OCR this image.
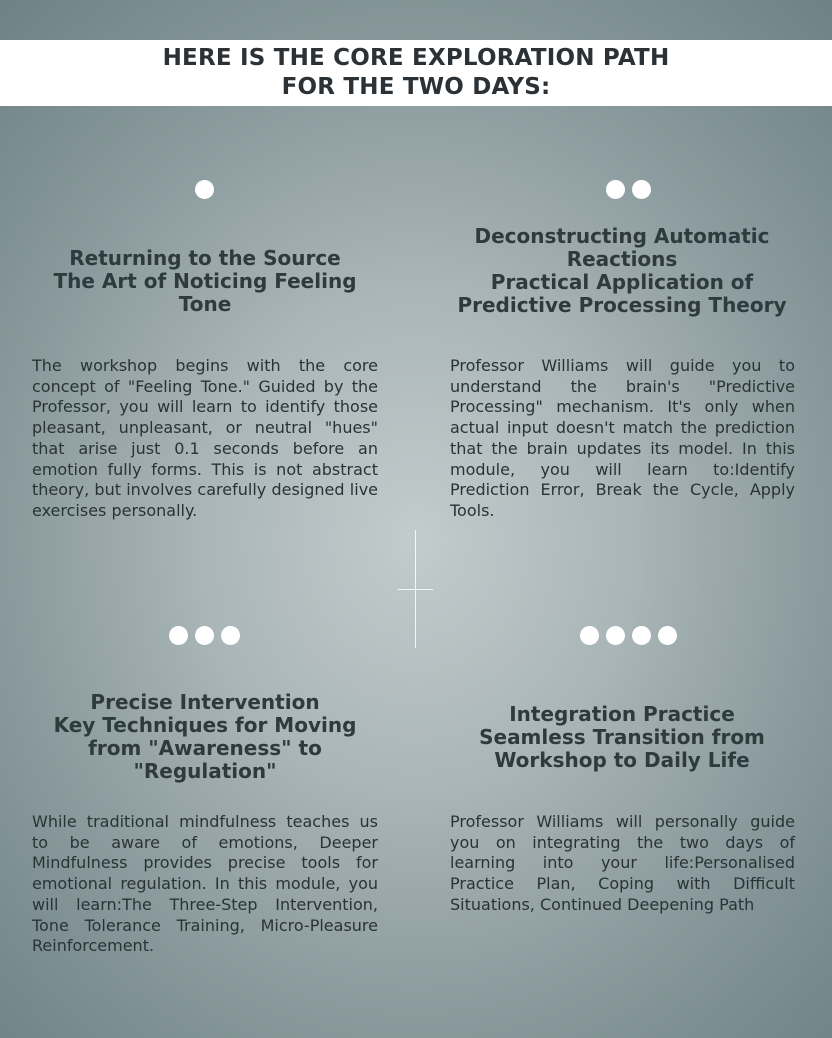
HERE IS THE CORE EXPLORATION PATH
FOR THE TWO DAYS:
Returning to the Source
The Art of Noticing Feeling
Tone

The workshop begins with the core concept of "Feeling Tone." Guided by the Professor, you will learn to identify those pleasant, unpleasant, or neutral "hues" that arise just 0.1 seconds before an emotion fully forms. This is not abstract theory, but involves carefully designed live exercises personally.

Deconstructing Automatic
Reactions
Practical Application of
Predictive Processing Theory

Professor Williams will guide you to understand the brain's "Predictive Processing" mechanism. It's only when actual input doesn't match the prediction that the brain updates its model. In this module, you will learn to:Identify Prediction Error, Break the Cycle, Apply Tools.

Precise Intervention
Key Techniques for Moving
from "Awareness" to
"Regulation"

While traditional mindfulness teaches us to be aware of emotions, Deeper Mindfulness provides precise tools for emotional regulation. In this module, you will learn:The Three-Step Intervention, Tone Tolerance Training, Micro-Pleasure Reinforcement.

Integration Practice
Seamless Transition from
Workshop to Daily Life

Professor Williams will personally guide you on integrating the two days of learning into your life:Personalised Practice Plan, Coping with Difficult Situations, Continued Deepening Path
